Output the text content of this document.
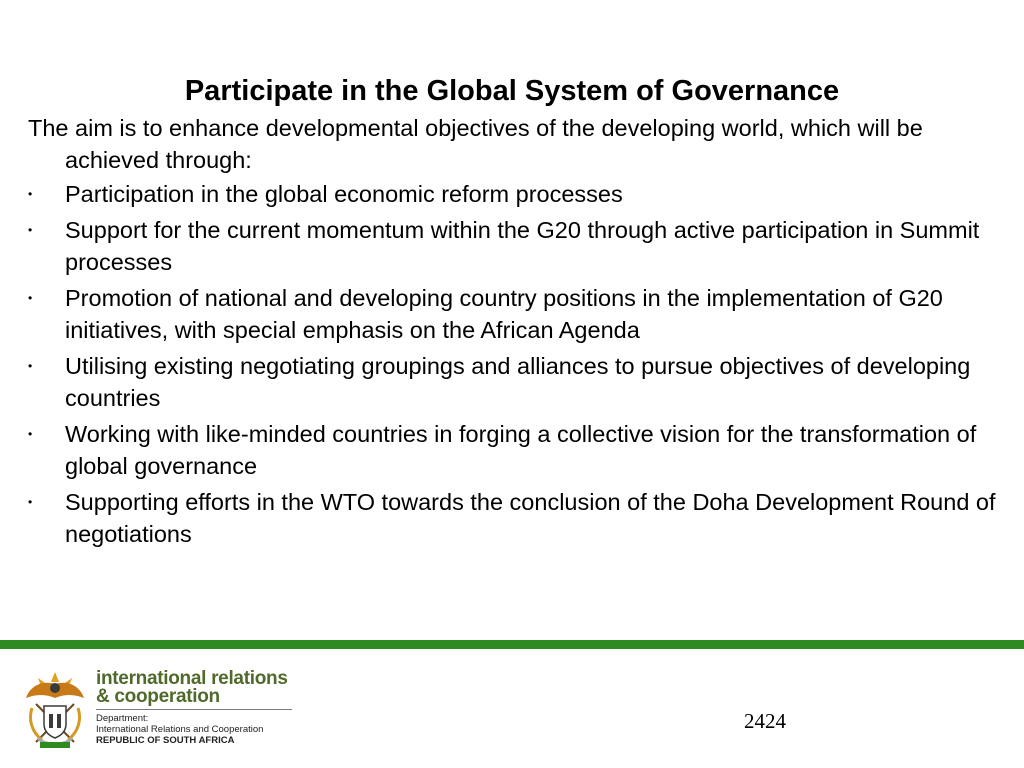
Participate in the Global System of Governance

The aim is to enhance developmental objectives of the developing world, which will be achieved through:

•	Participation in the global economic reform processes
•	Support for the current momentum within the G20 through active participation in Summit processes
•	Promotion of national and developing country positions in the implementation of G20 initiatives, with special emphasis on the African Agenda
•	Utilising existing negotiating groupings and alliances to pursue objectives of developing countries
•	Working with like-minded countries in forging a collective vision for the transformation of global governance
•	Supporting efforts in the WTO towards the conclusion of the Doha Development Round of negotiations
international relations
& cooperation
Department:
International Relations and Cooperation
REPUBLIC OF SOUTH AFRICA
2424
